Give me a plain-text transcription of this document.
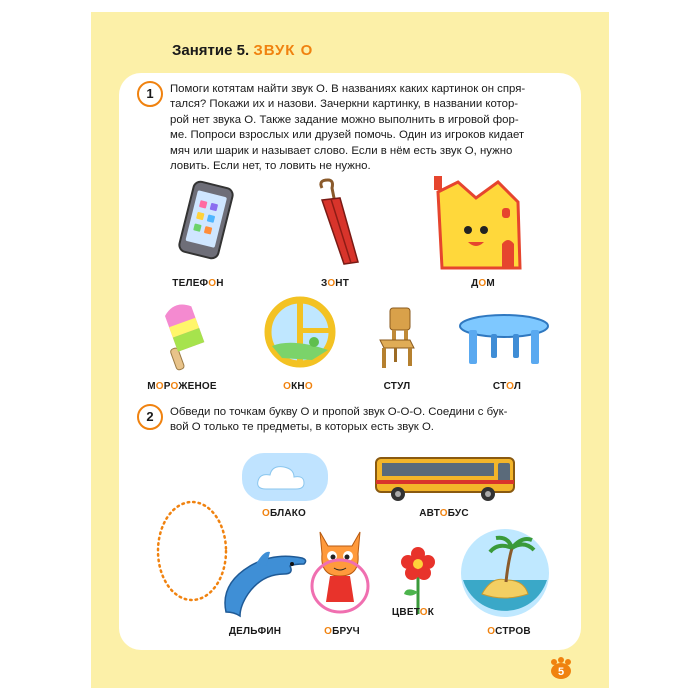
Занятие 5. ЗВУК О
1	Помоги котятам найти звук О. В названиях каких картинок он спря-

тался? Покажи их и назови. Зачеркни картинку, в названии котор-

рой нет звука О. Также задание можно выполнить в игровой фор-

ме. Попроси взрослых или друзей помочь. Один из игроков кидает

мяч или шарик и называет слово. Если в нём есть звук О, нужно

ловить. Если нет, то ловить не нужно.

ТЕЛЕФОН	ЗОНТ	ДОМ
МОРОЖЕНОЕ	ОКНО	СТУЛ	СТОЛ
2	Обведи по точкам букву О и пропой звук О-О-О. Соедини с бук-

вой О только те предметы, в которых есть звук О.

ОБЛАКО	АВТОБУС
ДЕЛЬФИН	ОБРУЧ
ЦВЕТОК
ОСТРОВ
5
